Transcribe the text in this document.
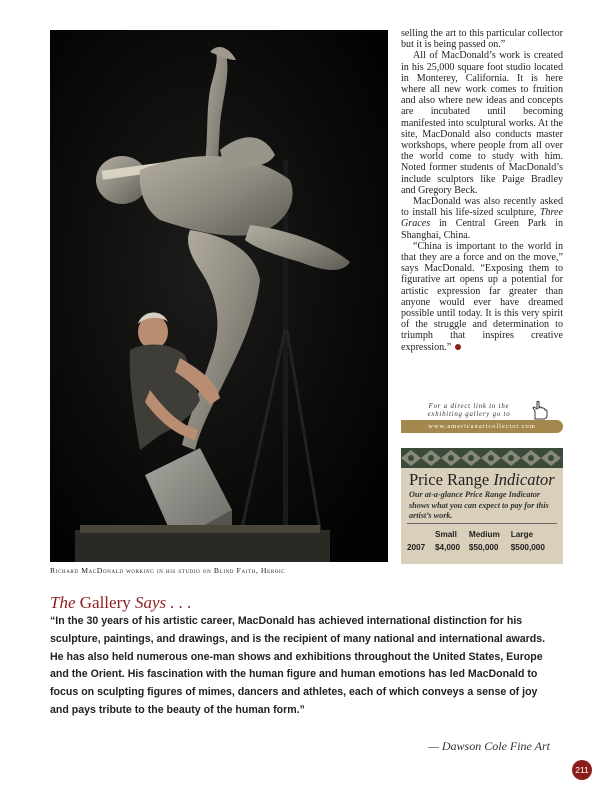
Richard MacDonald working in his studio on Blind Faith, Heroic

selling the art to this particular collector but it is being passed on.”

All of MacDonald’s work is created in his 25,000 square foot studio located in Monterey, California. It is here where all new work comes to fruition and also where new ideas and concepts are incubated until becoming manifested into sculptural works. At the site, MacDonald also conducts master workshops, where people from all over the world come to study with him. Noted former students of MacDonald’s include sculptors like Paige Bradley and Gregory Beck.

MacDonald was also recently asked to install his life-sized sculpture, Three Graces in Central Green Park in Shanghai, China.

“China is important to the world in that they are a force and on the move,” says MacDonald. “Exposing them to figurative art opens up a potential for artistic expression far greater than anyone would ever have dreamed possible until today. It is this very spirit of the struggle and determination to triumph that inspires creative expression.”

For a direct link to the
exhibiting gallery go to
www.americanartcollector.com
Price Range Indicator
Our at-a-glance Price Range Indicator shows what you can expect to pay for this artist’s work.
	Small	Medium	Large
2007	$4,000	$50,000	$500,000
The Gallery Says . . .
“In the 30 years of his artistic career, MacDonald has achieved international distinction for his sculpture, paintings, and drawings, and is the recipient of many national and international awards. He has also held numerous one-man shows and exhibitions throughout the United States, Europe and the Orient. His fascination with the human figure and human emotions has led MacDonald to focus on sculpting figures of mimes, dancers and athletes, each of which conveys a sense of joy and pays tribute to the beauty of the human form.”
— Dawson Cole Fine Art
211
